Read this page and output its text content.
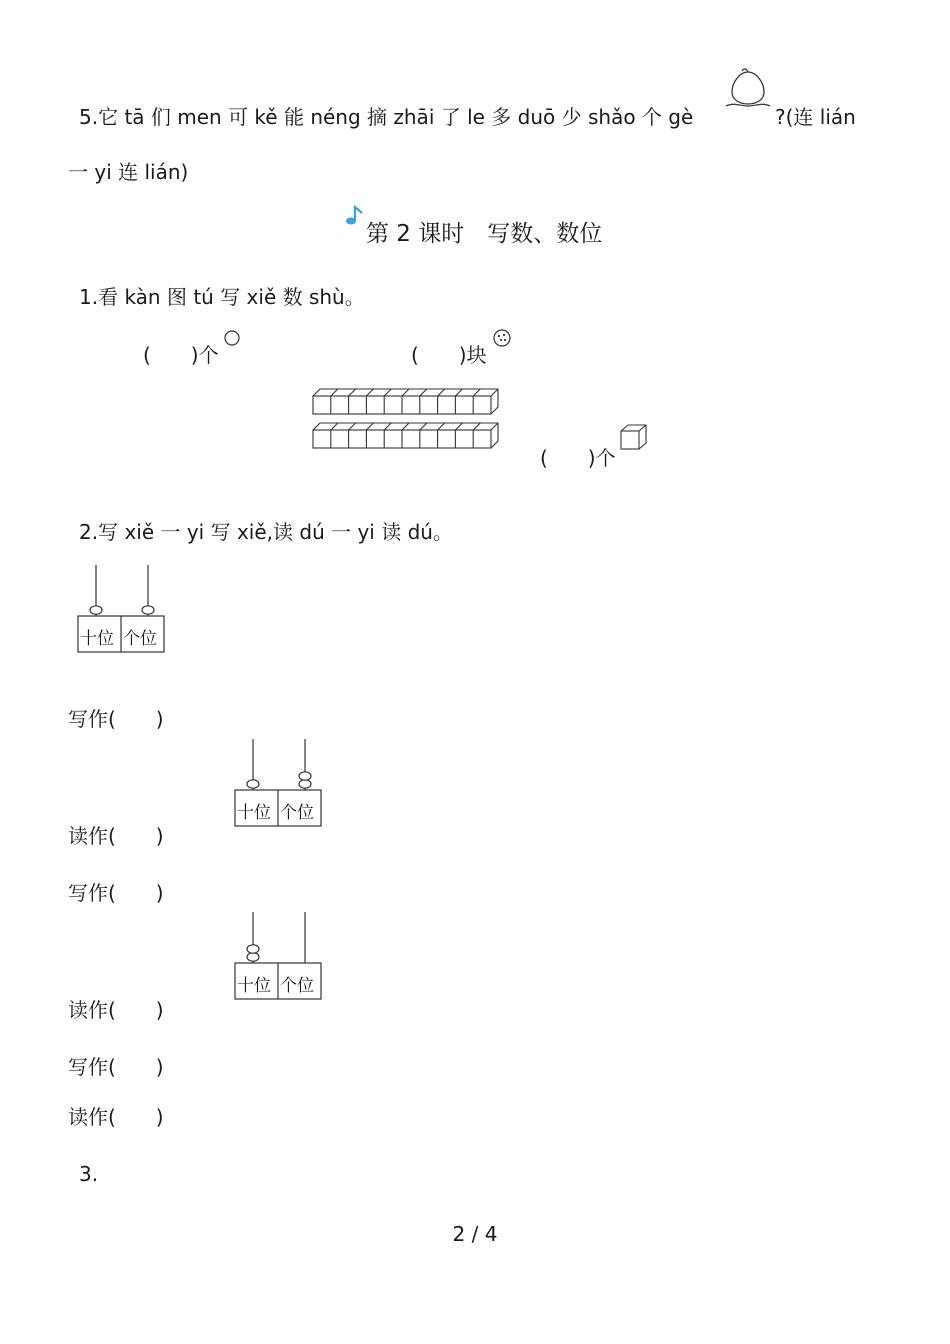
5.它 tā 们 men 可 kě 能 néng 摘 zhāi 了 le 多 duō 少 shǎo 个 gè	?(连 lián
一 yi 连 lián)
第 2 课时　写数、数位
1.看 kàn 图 tú 写 xiě 数 shù。
(　　)个	(　　)块
(　　)个
2.写 xiě 一 yi 写 xiě,读 dú 一 yi 读 dú。
十位 个位
写作(　　)
十位 个位
读作(　　)
写作(　　)
十位 个位
读作(　　)
写作(　　)
读作(　　)
3.
2 / 4
